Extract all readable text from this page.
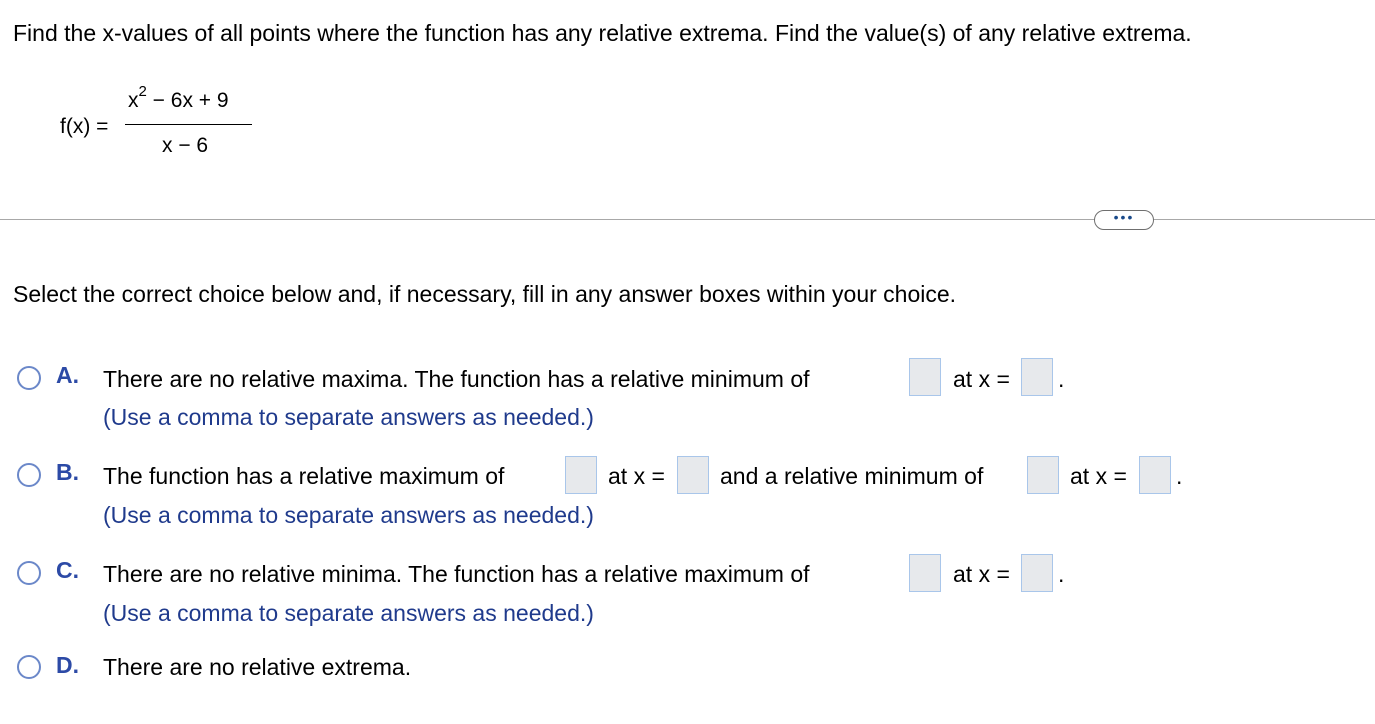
Find the x-values of all points where the function has any relative extrema. Find the value(s) of any relative extrema.
f(x) =
$x^2 - 6x + 9$
x − 6
•••
Select the correct choice below and, if necessary, fill in any answer boxes within your choice.
A. There are no relative maxima. The function has a relative minimum of	at x = .
(Use a comma to separate answers as needed.)
B. The function has a relative maximum of	at x = and a relative minimum of	at x = .
(Use a comma to separate answers as needed.)
C. There are no relative minima. The function has a relative maximum of	at x = .
(Use a comma to separate answers as needed.)
D. There are no relative extrema.
